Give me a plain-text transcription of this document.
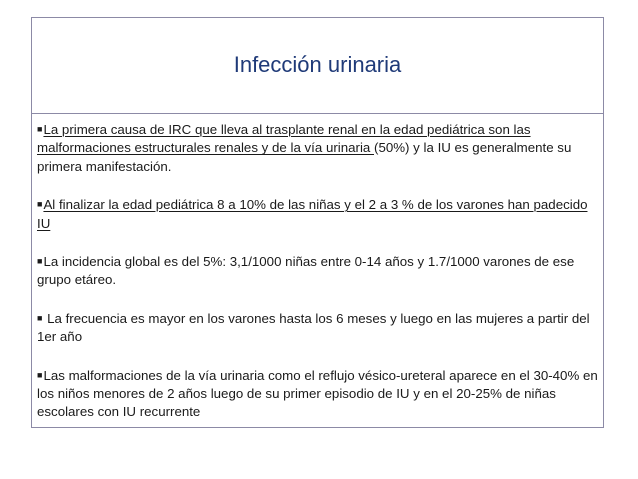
Infección urinaria

■La primera causa de IRC que lleva al trasplante renal en la edad pediátrica son las malformaciones estructurales renales y de la vía urinaria (50%) y la IU es generalmente su primera manifestación.

■Al finalizar la edad pediátrica 8 a 10% de las niñas y el 2 a 3 % de los varones han padecido IU

■La incidencia global es del 5%: 3,1/1000 niñas entre 0-14 años y 1.7/1000 varones de ese grupo etáreo.

■ La frecuencia es mayor en los varones hasta los 6 meses y luego en las mujeres a partir del 1er año

■Las malformaciones de la vía urinaria como el reflujo vésico-ureteral aparece en el 30-40% en los niños menores de 2 años luego de su primer episodio de IU y en el 20-25% de niñas escolares con IU recurrente
